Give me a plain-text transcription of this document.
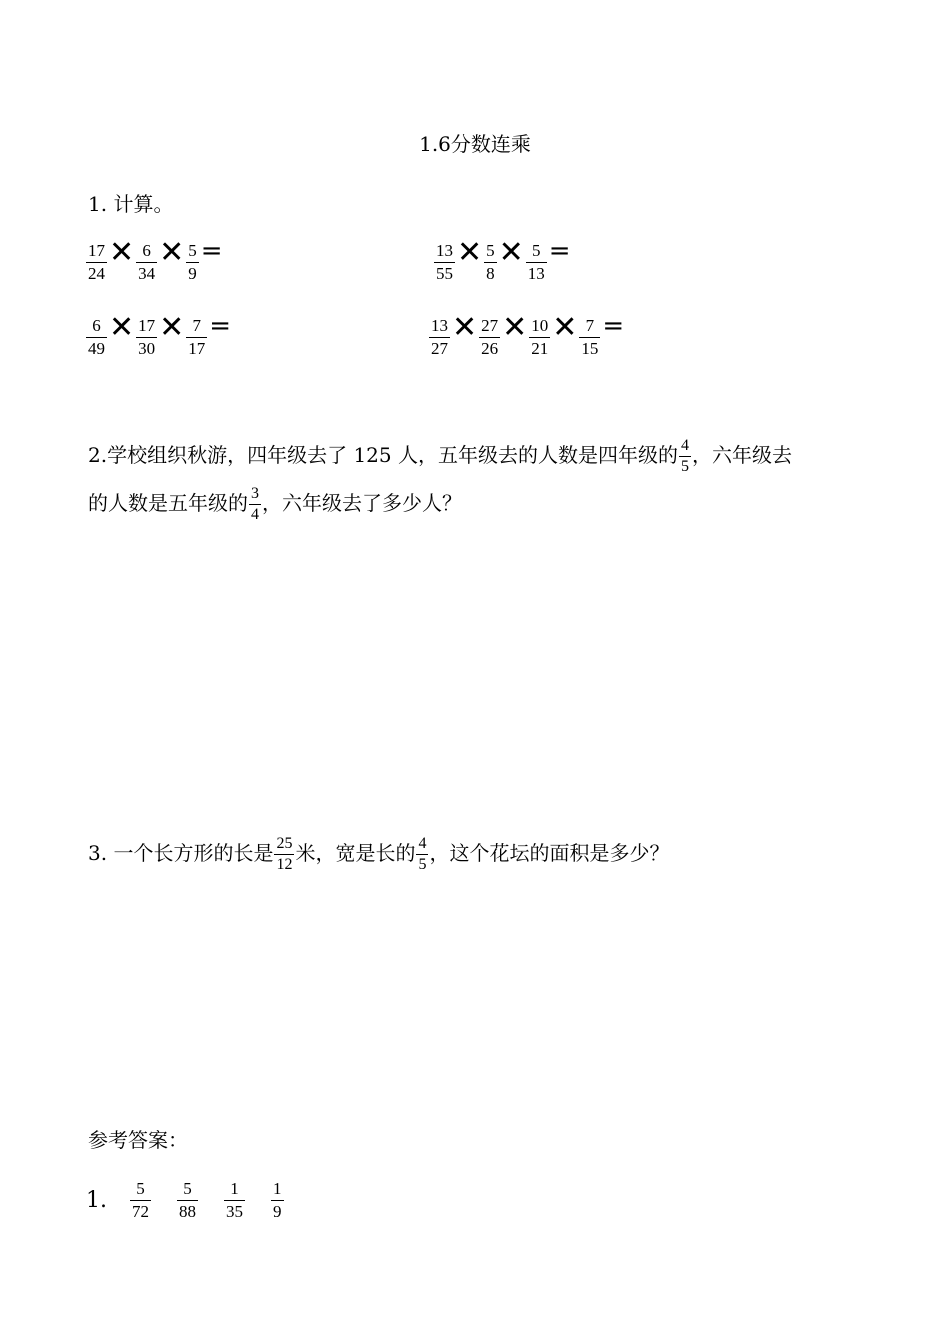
1.6分数连乘
1. 计算。
$\frac{17}{24}$ ✕ $\frac{6}{34}$ ✕ $\frac{5}{9}$ =	$\frac{13}{55}$ ✕ $\frac{5}{8}$ ✕ $\frac{5}{13}$ =
$\frac{6}{49}$ ✕ $\frac{17}{30}$ ✕ $\frac{7}{17}$ =	$\frac{13}{27}$ ✕ $\frac{27}{26}$ ✕ $\frac{10}{21}$ ✕ $\frac{7}{15}$ =
2.学校组织秋游，四年级去了 125 人，五年级去的人数是四年级的 $\frac{4}{5}$ ，六年级去
的人数是五年级的 $\frac{3}{4}$ ，六年级去了多少人？
3. 一个长方形的长是 $\frac{25}{12}$ 米，宽是长的 $\frac{4}{5}$ ，这个花坛的面积是多少？
参考答案：
1.	$\frac{5}{72} \frac{5}{88} \frac{1}{35} \frac{1}{9}$
